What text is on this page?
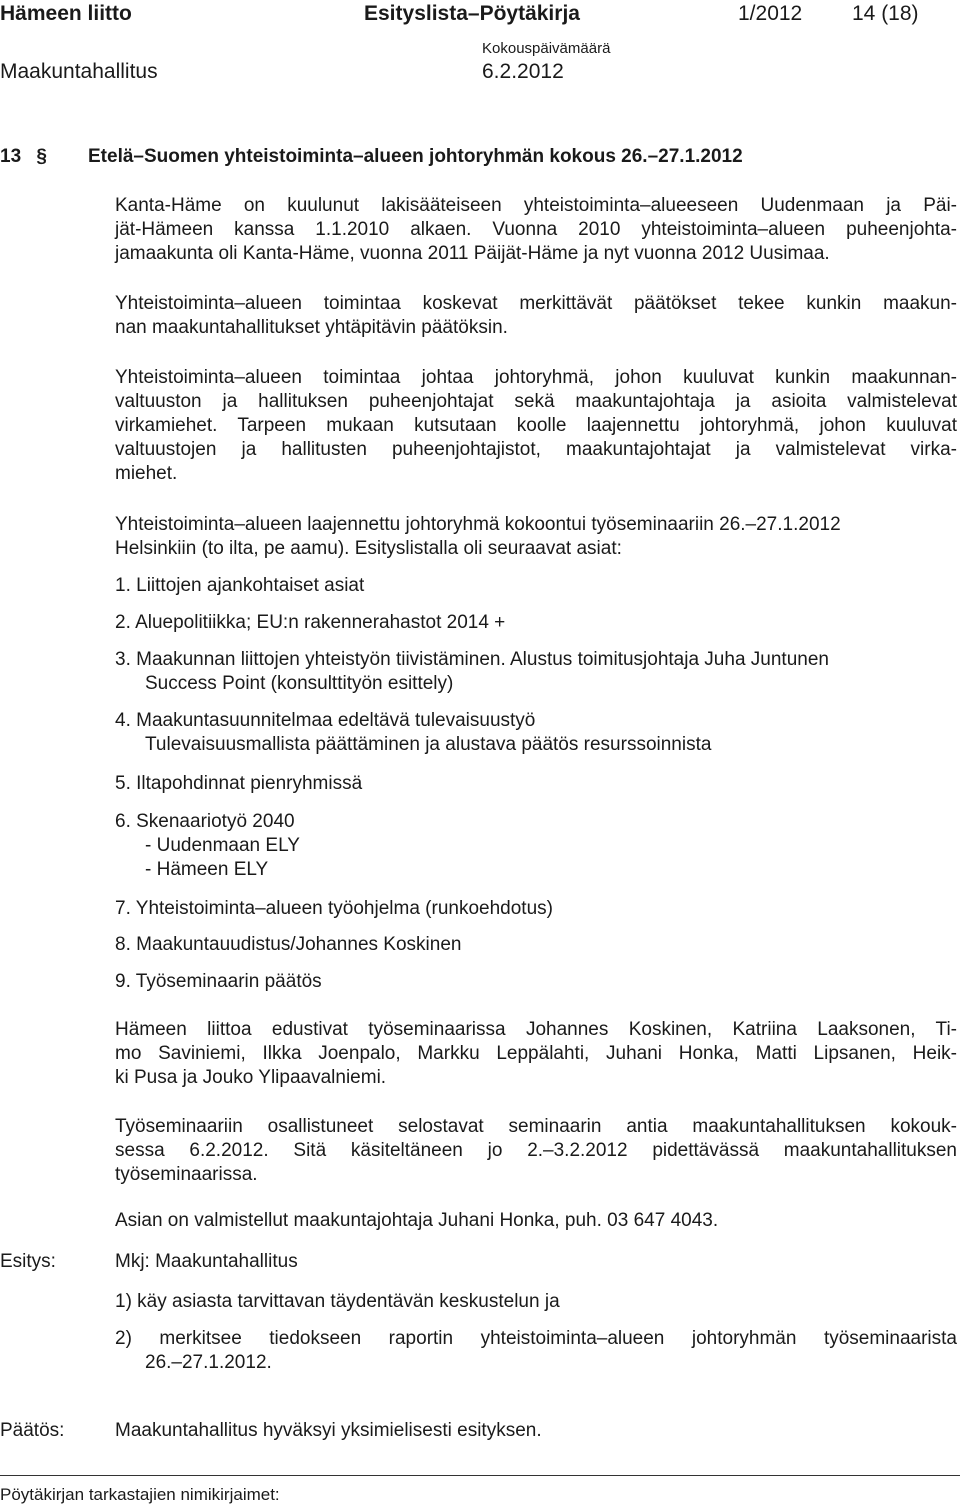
Hämeen liitto	Esityslista–Pöytäkirja	1/2012 14 (18)
Kokouspäivämäärä
Maakuntahallitus	6.2.2012
13 § Etelä–Suomen yhteistoiminta–alueen johtoryhmän kokous 26.–27.1.2012
Kanta-Häme on kuulunut lakisääteiseen yhteistoiminta–alueeseen Uudenmaan ja Päi-
jät-Hämeen kanssa 1.1.2010 alkaen. Vuonna 2010 yhteistoiminta–alueen puheenjohta-
jamaakunta oli Kanta-Häme, vuonna 2011 Päijät-Häme ja nyt vuonna 2012 Uusimaa.
Yhteistoiminta–alueen toimintaa koskevat merkittävät päätökset tekee kunkin maakun-
nan maakuntahallitukset yhtäpitävin päätöksin.
Yhteistoiminta–alueen toimintaa johtaa johtoryhmä, johon kuuluvat kunkin maakunnan-
valtuuston ja hallituksen puheenjohtajat sekä maakuntajohtaja ja asioita valmistelevat
virkamiehet. Tarpeen mukaan kutsutaan koolle laajennettu johtoryhmä, johon kuuluvat
valtuustojen ja hallitusten puheenjohtajistot, maakuntajohtajat ja valmistelevat virka-
miehet.
Yhteistoiminta–alueen laajennettu johtoryhmä kokoontui työseminaariin 26.–27.1.2012
Helsinkiin (to ilta, pe aamu). Esityslistalla oli seuraavat asiat:
1. Liittojen ajankohtaiset asiat
2. Aluepolitiikka; EU:n rakennerahastot 2014 +
3. Maakunnan liittojen yhteistyön tiivistäminen. Alustus toimitusjohtaja Juha Juntunen
Success Point (konsulttityön esittely)
4. Maakuntasuunnitelmaa edeltävä tulevaisuustyö
Tulevaisuusmallista päättäminen ja alustava päätös resurssoinnista
5. Iltapohdinnat pienryhmissä
6. Skenaariotyö 2040
- Uudenmaan ELY
- Hämeen ELY
7. Yhteistoiminta–alueen työohjelma (runkoehdotus)
8. Maakuntauudistus/Johannes Koskinen
9. Työseminaarin päätös
Hämeen liittoa edustivat työseminaarissa Johannes Koskinen, Katriina Laaksonen, Ti-
mo Saviniemi, Ilkka Joenpalo, Markku Leppälahti, Juhani Honka, Matti Lipsanen, Heik-
ki Pusa ja Jouko Ylipaavalniemi.
Työseminaariin osallistuneet selostavat seminaarin antia maakuntahallituksen kokouk-
sessa 6.2.2012. Sitä käsiteltäneen jo 2.–3.2.2012 pidettävässä maakuntahallituksen
työseminaarissa.
Asian on valmistellut maakuntajohtaja Juhani Honka, puh. 03 647 4043.
Esitys:	Mkj: Maakuntahallitus
1) käy asiasta tarvittavan täydentävän keskustelun ja
2) merkitsee tiedokseen raportin yhteistoiminta–alueen johtoryhmän työseminaarista
26.–27.1.2012.
Päätös:	Maakuntahallitus hyväksyi yksimielisesti esityksen.
Pöytäkirjan tarkastajien nimikirjaimet:
